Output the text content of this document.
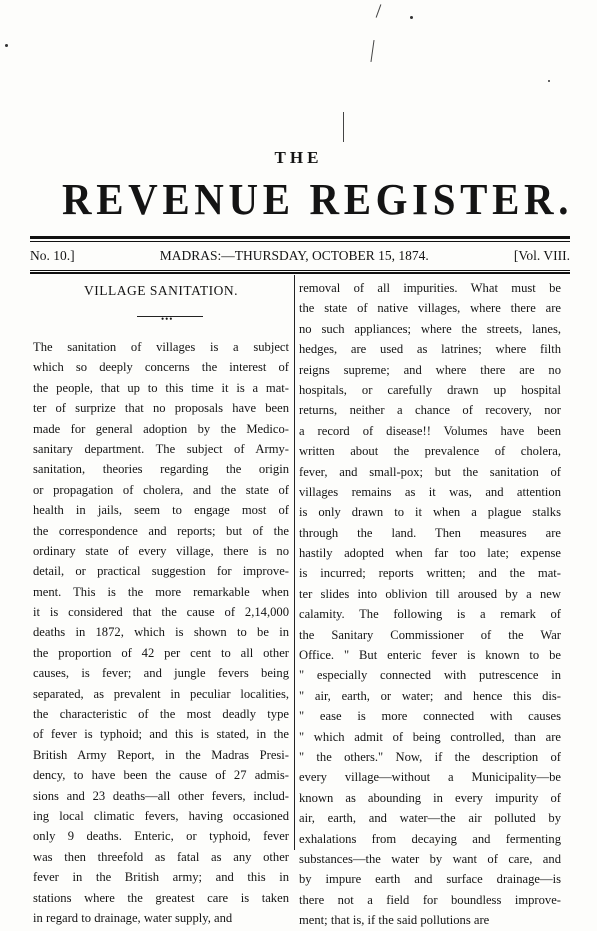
THE
REVENUE REGISTER.
No. 10.]	MADRAS:—THURSDAY, OCTOBER 15, 1874.	[Vol. VIII.
VILLAGE SANITATION.
•••
The sanitation of villages is a subject
which so deeply concerns the interest of
the people, that up to this time it is a mat-
ter of surprize that no proposals have been
made for general adoption by the Medico-
sanitary department. The subject of Army-
sanitation, theories regarding the origin
or propagation of cholera, and the state of
health in jails, seem to engage most of
the correspondence and reports; but of the
ordinary state of every village, there is no
detail, or practical suggestion for improve-
ment. This is the more remarkable when
it is considered that the cause of 2,14,000
deaths in 1872, which is shown to be in
the proportion of 42 per cent to all other
causes, is fever; and jungle fevers being
separated, as prevalent in peculiar localities,
the characteristic of the most deadly type
of fever is typhoid; and this is stated, in the
British Army Report, in the Madras Presi-
dency, to have been the cause of 27 admis-
sions and 23 deaths—all other fevers, includ-
ing local climatic fevers, having occasioned
only 9 deaths. Enteric, or typhoid, fever
was then threefold as fatal as any other
fever in the British army; and this in
stations where the greatest care is taken
in regard to drainage, water supply, and
removal of all impurities. What must be
the state of native villages, where there are
no such appliances; where the streets, lanes,
hedges, are used as latrines; where filth
reigns supreme; and where there are no
hospitals, or carefully drawn up hospital
returns, neither a chance of recovery, nor
a record of disease!! Volumes have been
written about the prevalence of cholera,
fever, and small-pox; but the sanitation of
villages remains as it was, and attention
is only drawn to it when a plague stalks
through the land. Then measures are
hastily adopted when far too late; expense
is incurred; reports written; and the mat-
ter slides into oblivion till aroused by a new
calamity. The following is a remark of
the Sanitary Commissioner of the War
Office. " But enteric fever is known to be
" especially connected with putrescence in
" air, earth, or water; and hence this dis-
" ease is more connected with causes
" which admit of being controlled, than are
" the others." Now, if the description of
every village—without a Municipality—be
known as abounding in every impurity of
air, earth, and water—the air polluted by
exhalations from decaying and fermenting
substances—the water by want of care, and
by impure earth and surface drainage—is
there not a field for boundless improve-
ment; that is, if the said pollutions are
